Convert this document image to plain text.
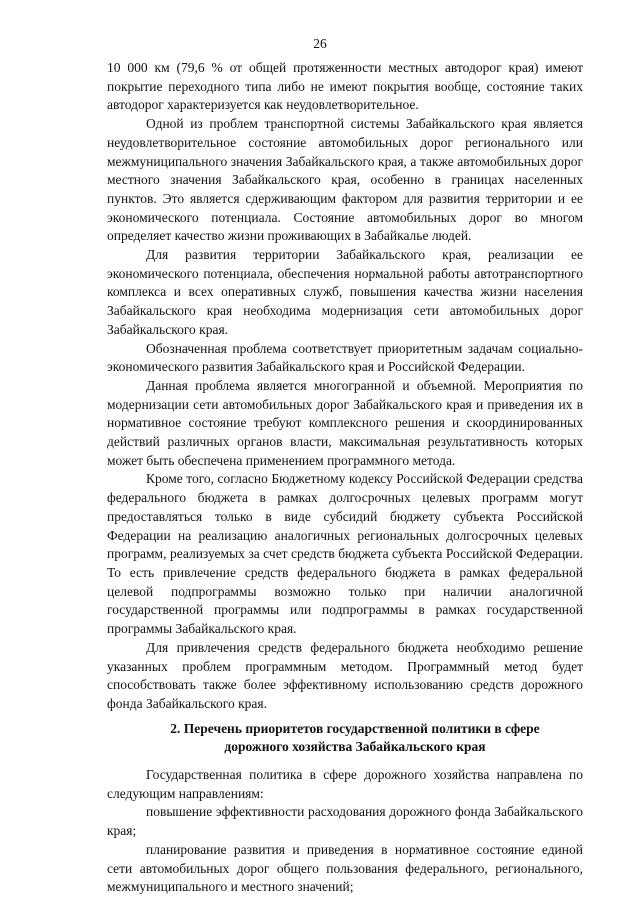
26

10 000 км (79,6 % от общей протяженности местных автодорог края) имеют покрытие переходного типа либо не имеют покрытия вообще, состояние таких автодорог характеризуется как неудовлетворительное.

Одной из проблем транспортной системы Забайкальского края является неудовлетворительное состояние автомобильных дорог регионального или межмуниципального значения Забайкальского края, а также автомобильных дорог местного значения Забайкальского края, особенно в границах населенных пунктов. Это является сдерживающим фактором для развития территории и ее экономического потенциала. Состояние автомобильных дорог во многом определяет качество жизни проживающих в Забайкалье людей.

Для развития территории Забайкальского края, реализации ее экономического потенциала, обеспечения нормальной работы автотранспортного комплекса и всех оперативных служб, повышения качества жизни населения Забайкальского края необходима модернизация сети автомобильных дорог Забайкальского края.

Обозначенная проблема соответствует приоритетным задачам социально-экономического развития Забайкальского края и Российской Федерации.

Данная проблема является многогранной и объемной. Мероприятия по модернизации сети автомобильных дорог Забайкальского края и приведения их в нормативное состояние требуют комплексного решения и скоординированных действий различных органов власти, максимальная результативность которых может быть обеспечена применением программного метода.

Кроме того, согласно Бюджетному кодексу Российской Федерации средства федерального бюджета в рамках долгосрочных целевых программ могут предоставляться только в виде субсидий бюджету субъекта Российской Федерации на реализацию аналогичных региональных долгосрочных целевых программ, реализуемых за счет средств бюджета субъекта Российской Федерации. То есть привлечение средств федерального бюджета в рамках федеральной целевой подпрограммы возможно только при наличии аналогичной государственной программы или подпрограммы в рамках государственной программы Забайкальского края.

Для привлечения средств федерального бюджета необходимо решение указанных проблем программным методом. Программный метод будет способствовать также более эффективному использованию средств дорожного фонда Забайкальского края.

2. Перечень приоритетов государственной политики в сфере
дорожного хозяйства Забайкальского края

Государственная политика в сфере дорожного хозяйства направлена по следующим направлениям:

повышение эффективности расходования дорожного фонда Забайкальского края;

планирование развития и приведения в нормативное состояние единой сети автомобильных дорог общего пользования федерального, регионального, межмуниципального и местного значений;
